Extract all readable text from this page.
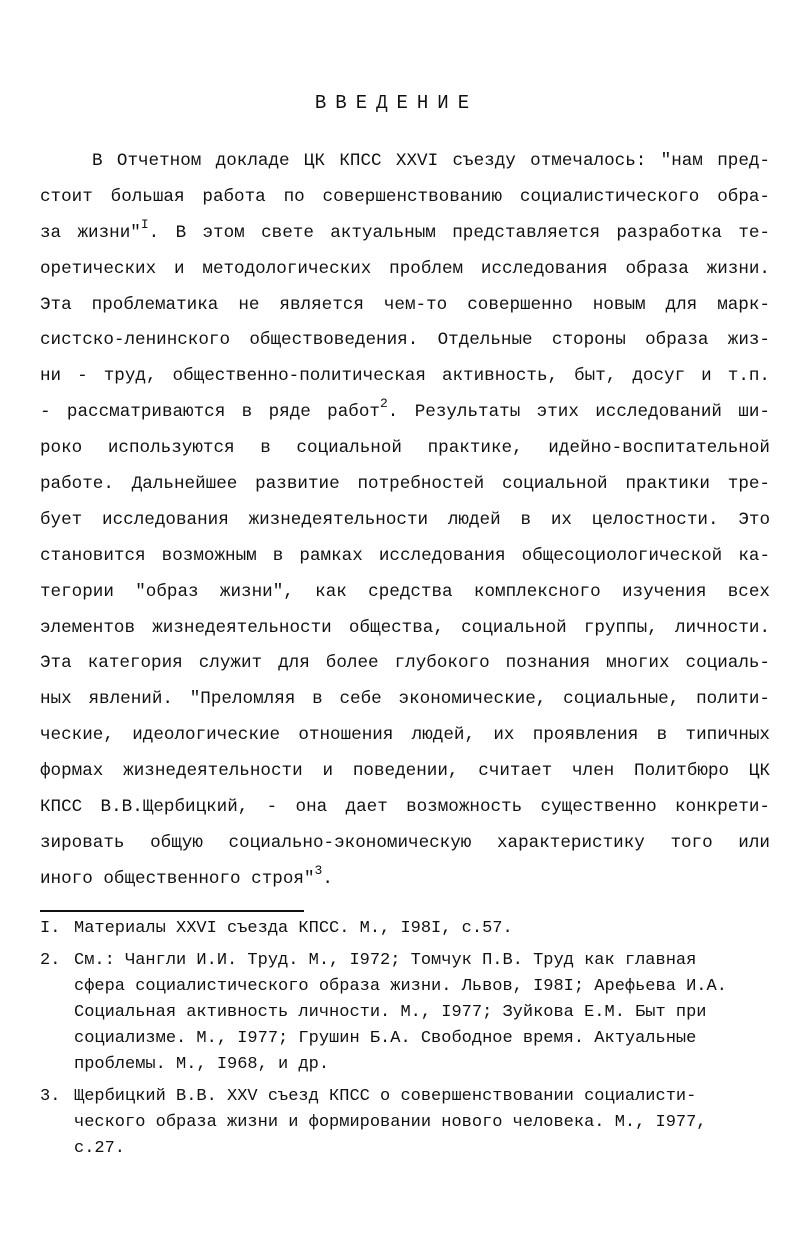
ВВЕДЕНИЕ
В Отчетном докладе ЦК КПСС XXVI съезду отмечалось: "нам пред-
стоит большая работа по совершенствованию социалистического обра-
за жизни"$^I$. В этом свете актуальным представляется разработка те-
оретических и методологических проблем исследования образа жизни.
Эта проблематика не является чем-то совершенно новым для марк-
систско-ленинского обществоведения. Отдельные стороны образа жиз-
ни - труд, общественно-политическая активность, быт, досуг и т.п.
- рассматриваются в ряде работ$^2$. Результаты этих исследований ши-
роко используются в социальной практике, идейно-воспитательной
работе. Дальнейшее развитие потребностей социальной практики тре-
бует исследования жизнедеятельности людей в их целостности. Это
становится возможным в рамках исследования общесоциологической ка-
тегории "образ жизни", как средства комплексного изучения всех
элементов жизнедеятельности общества, социальной группы, личности.
Эта категория служит для более глубокого познания многих социаль-
ных явлений. "Преломляя в себе экономические, социальные, полити-
ческие, идеологические отношения людей, их проявления в типичных
формах жизнедеятельности и поведении, считает член Политбюро ЦК
КПСС В.В.Щербицкий, - она дает возможность существенно конкрети-
зировать общую социально-экономическую характеристику того или
иного общественного строя"$^3$.
I. Материалы XXVI съезда КПСС. М., I98I, с.57.
2. См.: Чангли И.И. Труд. М., I972; Томчук П.В. Труд как главная
сфера социалистического образа жизни. Львов, I98I; Арефьева И.А.
Социальная активность личности. М., I977; Зуйкова Е.М. Быт при
социализме. М., I977; Грушин Б.А. Свободное время. Актуальные
проблемы. М., I968, и др.
3. Щербицкий В.В. XXV съезд КПСС о совершенствовании социалисти-
ческого образа жизни и формировании нового человека. М., I977,
с.27.
